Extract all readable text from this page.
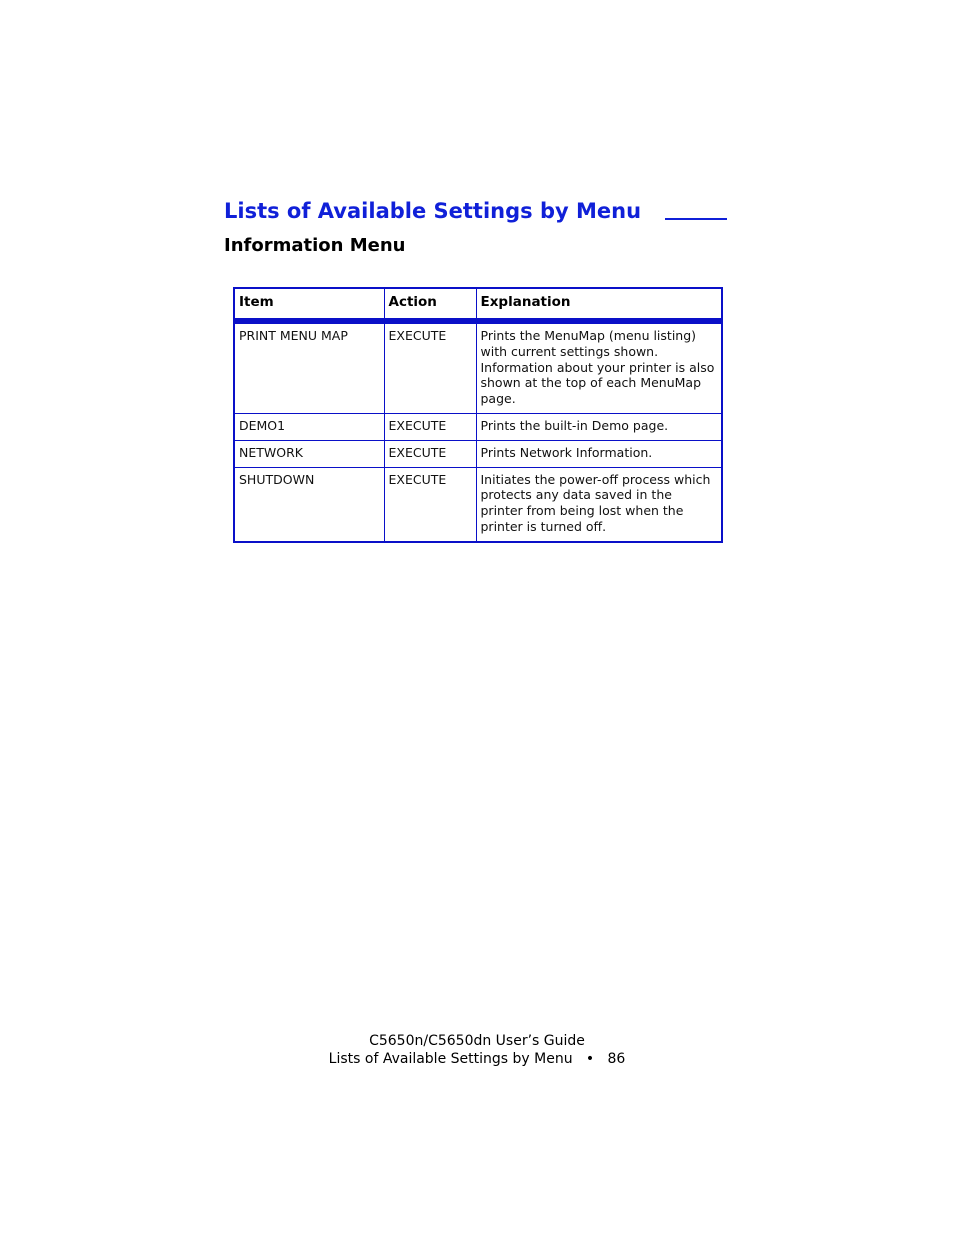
Lists of Available Settings by Menu
Information Menu
Item	Action	Explanation
PRINT MENU MAP	EXECUTE	Prints the MenuMap (menu listing) with current settings shown. Information about your printer is also shown at the top of each MenuMap page.
DEMO1	EXECUTE	Prints the built-in Demo page.
NETWORK	EXECUTE	Prints Network Information.
SHUTDOWN	EXECUTE	Initiates the power-off process which protects any data saved in the printer from being lost when the printer is turned off.
C5650n/C5650dn User’s Guide
Lists of Available Settings by Menu   •   86
